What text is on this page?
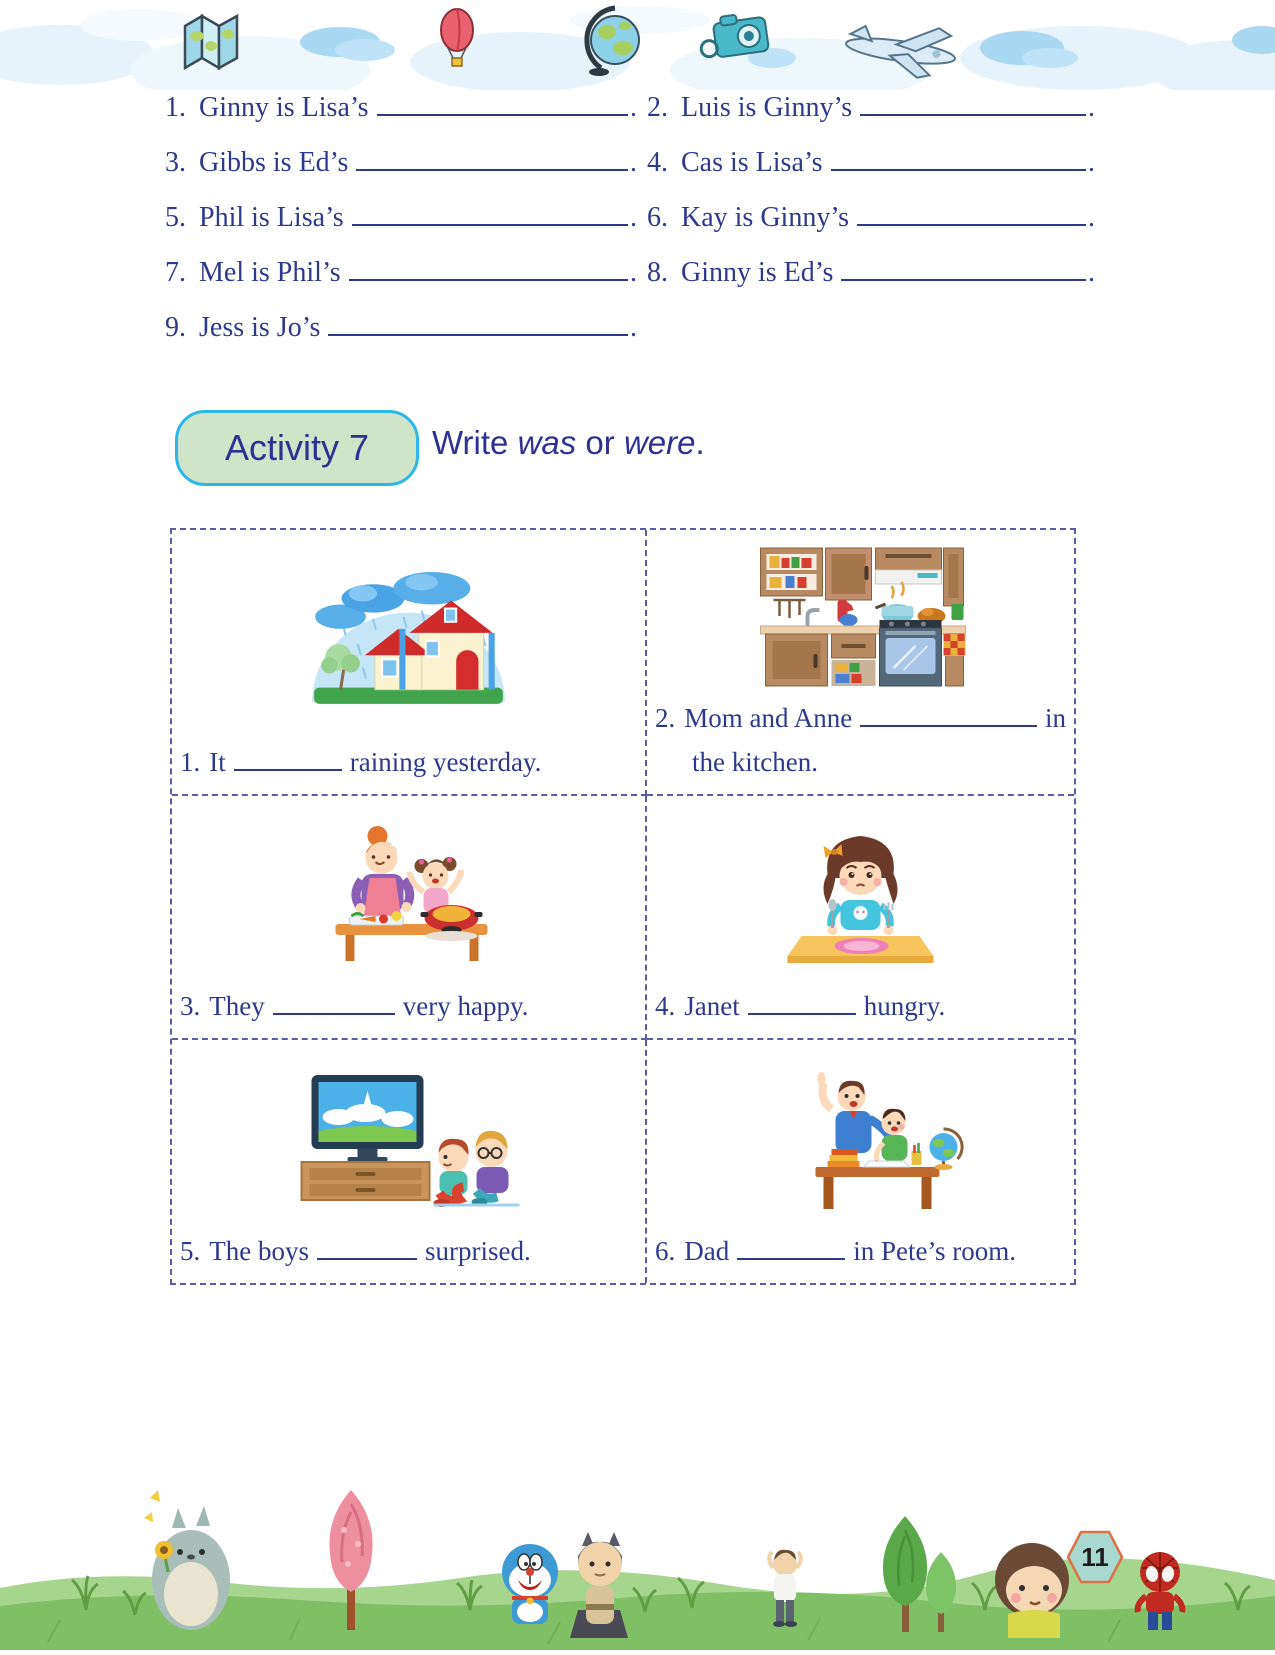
1. Ginny is Lisa’s	. 2. Luis is Ginny’s	.
3. Gibbs is Ed’s	. 4. Cas is Lisa’s	.
5. Phil is Lisa’s	. 6. Kay is Ginny’s	.
7. Mel is Phil’s	. 8. Ginny is Ed’s	.
9. Jess is Jo’s	.
Activity 7 Write was or were.
1. It	raining yesterday.
2. Mom and Anne	in
the kitchen.
3. They	very happy.	4. Janet	hungry.
5. The boys	surprised.	6. Dad	in Pete’s room.
11
